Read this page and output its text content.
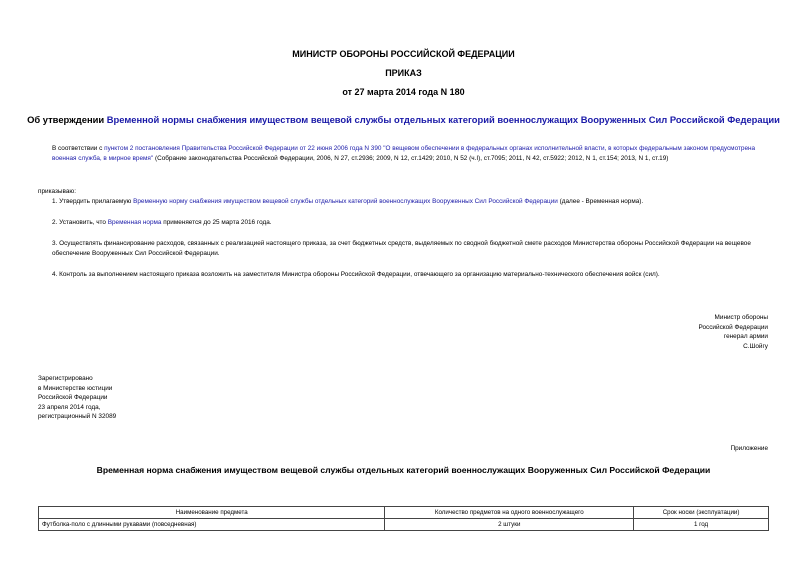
МИНИСТР ОБОРОНЫ РОССИЙСКОЙ ФЕДЕРАЦИИ
ПРИКАЗ
от 27 марта 2014 года N 180
Об утверждении Временной нормы снабжения имуществом вещевой службы отдельных категорий военнослужащих Вооруженных Сил Российской Федерации

В соответствии с пунктом 2 постановления Правительства Российской Федерации от 22 июня 2006 года N 390 "О вещевом обеспечении в федеральных органах исполнительной власти, в которых федеральным законом предусмотрена военная служба, в мирное время" (Собрание законодательства Российской Федерации, 2006, N 27, ст.2936; 2009, N 12, ст.1429; 2010, N 52 (ч.I), ст.7095; 2011, N 42, ст.5922; 2012, N 1, ст.154; 2013, N 1, ст.19)

приказываю:

1. Утвердить прилагаемую Временную норму снабжения имуществом вещевой службы отдельных категорий военнослужащих Вооруженных Сил Российской Федерации (далее - Временная норма).

2. Установить, что Временная норма применяется до 25 марта 2016 года.

3. Осуществлять финансирование расходов, связанных с реализацией настоящего приказа, за счет бюджетных средств, выделяемых по сводной бюджетной смете расходов Министерства обороны Российской Федерации на вещевое обеспечение Вооруженных Сил Российской Федерации.

4. Контроль за выполнением настоящего приказа возложить на заместителя Министра обороны Российской Федерации, отвечающего за организацию материально-технического обеспечения войск (сил).

Министр обороны
Российской Федерации
генерал армии
С.Шойгу
Зарегистрировано
в Министерстве юстиции
Российской Федерации
23 апреля 2014 года,
регистрационный N 32089
Приложение
Временная норма снабжения имуществом вещевой службы отдельных категорий военнослужащих Вооруженных Сил Российской Федерации
Наименование предмета	Количество предметов на одного военнослужащего	Срок носки (эксплуатации)
Футболка-поло с длинными рукавами (повседневная)	2 штуки	1 год
